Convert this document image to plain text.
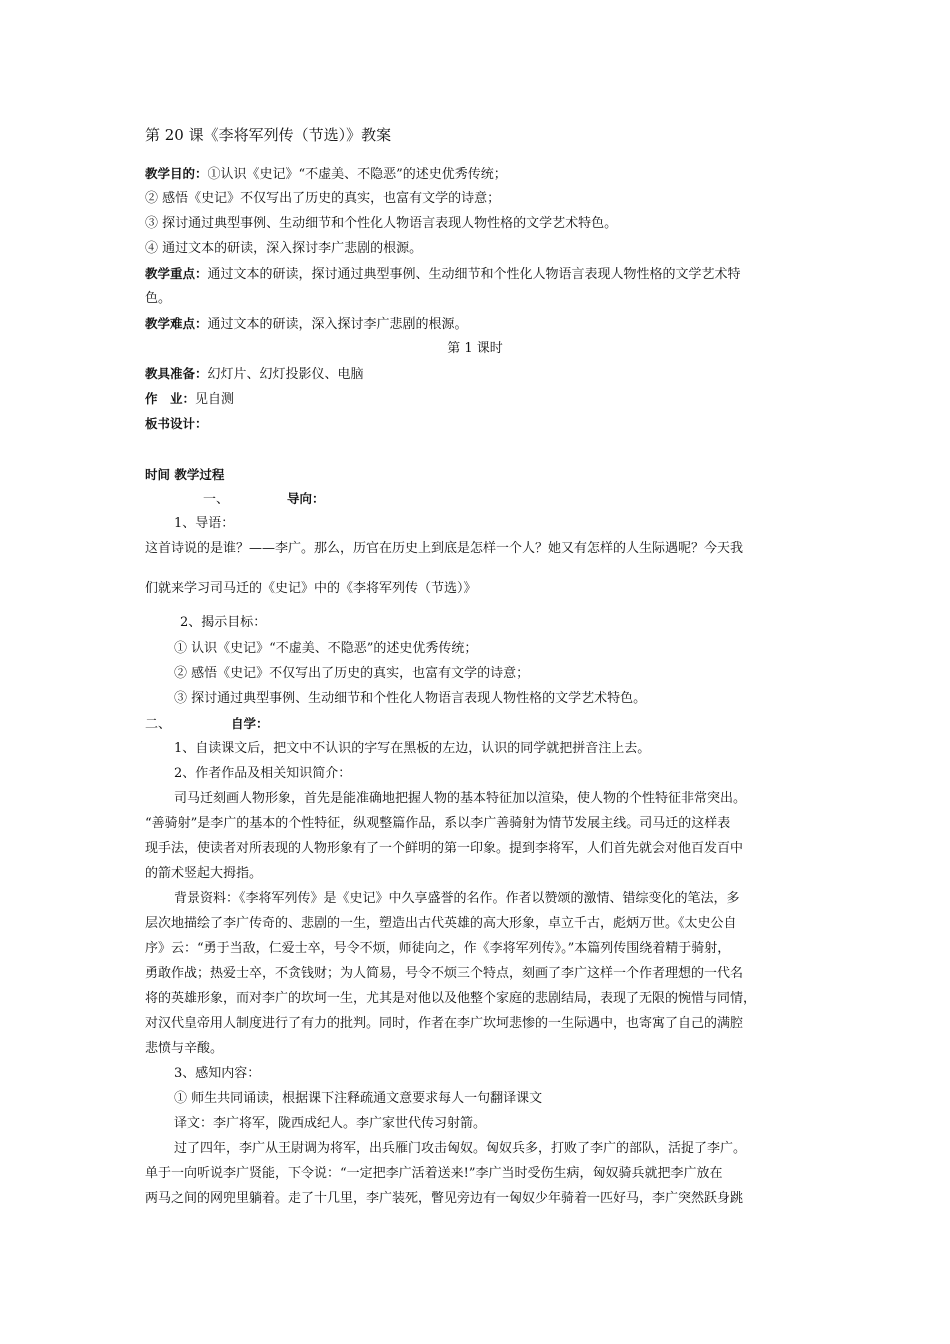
第 20 课《李将军列传（节选）》教案
教学目的：①认识《史记》“不虚美、不隐恶”的述史优秀传统；
② 感悟《史记》不仅写出了历史的真实，也富有文学的诗意；
③ 探讨通过典型事例、生动细节和个性化人物语言表现人物性格的文学艺术特色。
④ 通过文本的研读，深入探讨李广悲剧的根源。
教学重点：通过文本的研读，探讨通过典型事例、生动细节和个性化人物语言表现人物性格的文学艺术特
色。
教学难点：通过文本的研读，深入探讨李广悲剧的根源。
第 1 课时
教具准备：幻灯片、幻灯投影仪、电脑
作　业：见自测
板书设计：
时间 教学过程
一、	导向：
1、导语：
这首诗说的是谁？——李广。那么，历官在历史上到底是怎样一个人？她又有怎样的人生际遇呢？今天我
们就来学习司马迁的《史记》中的《李将军列传（节选）》
2、揭示目标：
① 认识《史记》“不虚美、不隐恶”的述史优秀传统；
② 感悟《史记》不仅写出了历史的真实，也富有文学的诗意；
③ 探讨通过典型事例、生动细节和个性化人物语言表现人物性格的文学艺术特色。
二、	自学：
1、自读课文后，把文中不认识的字写在黑板的左边，认识的同学就把拼音注上去。
2、作者作品及相关知识简介：
司马迁刻画人物形象，首先是能准确地把握人物的基本特征加以渲染，使人物的个性特征非常突出。
“善骑射”是李广的基本的个性特征，纵观整篇作品，系以李广善骑射为情节发展主线。司马迁的这样表
现手法，使读者对所表现的人物形象有了一个鲜明的第一印象。提到李将军，人们首先就会对他百发百中
的箭术竖起大拇指。
背景资料：《李将军列传》是《史记》中久享盛誉的名作。作者以赞颂的激情、错综变化的笔法，多
层次地描绘了李广传奇的、悲剧的一生，塑造出古代英雄的高大形象，卓立千古，彪炳万世。《太史公自
序》云：“勇于当敌，仁爱士卒，号令不烦，师徒向之，作《李将军列传》。”本篇列传围绕着精于骑射，
勇敢作战；热爱士卒，不贪钱财；为人简易，号令不烦三个特点，刻画了李广这样一个作者理想的一代名
将的英雄形象，而对李广的坎坷一生，尤其是对他以及他整个家庭的悲剧结局，表现了无限的惋惜与同情，
对汉代皇帝用人制度进行了有力的批判。同时，作者在李广坎坷悲惨的一生际遇中，也寄寓了自己的满腔
悲愤与辛酸。
3、感知内容：
① 师生共同诵读，根据课下注释疏通文意要求每人一句翻译课文
译文：李广将军，陇西成纪人。李广家世代传习射箭。
过了四年，李广从王尉调为将军，出兵雁门攻击匈奴。匈奴兵多，打败了李广的部队，活捉了李广。
单于一向听说李广贤能，下令说：“一定把李广活着送来!”李广当时受伤生病，匈奴骑兵就把李广放在
两马之间的网兜里躺着。走了十几里，李广装死，瞥见旁边有一匈奴少年骑着一匹好马，李广突然跃身跳
